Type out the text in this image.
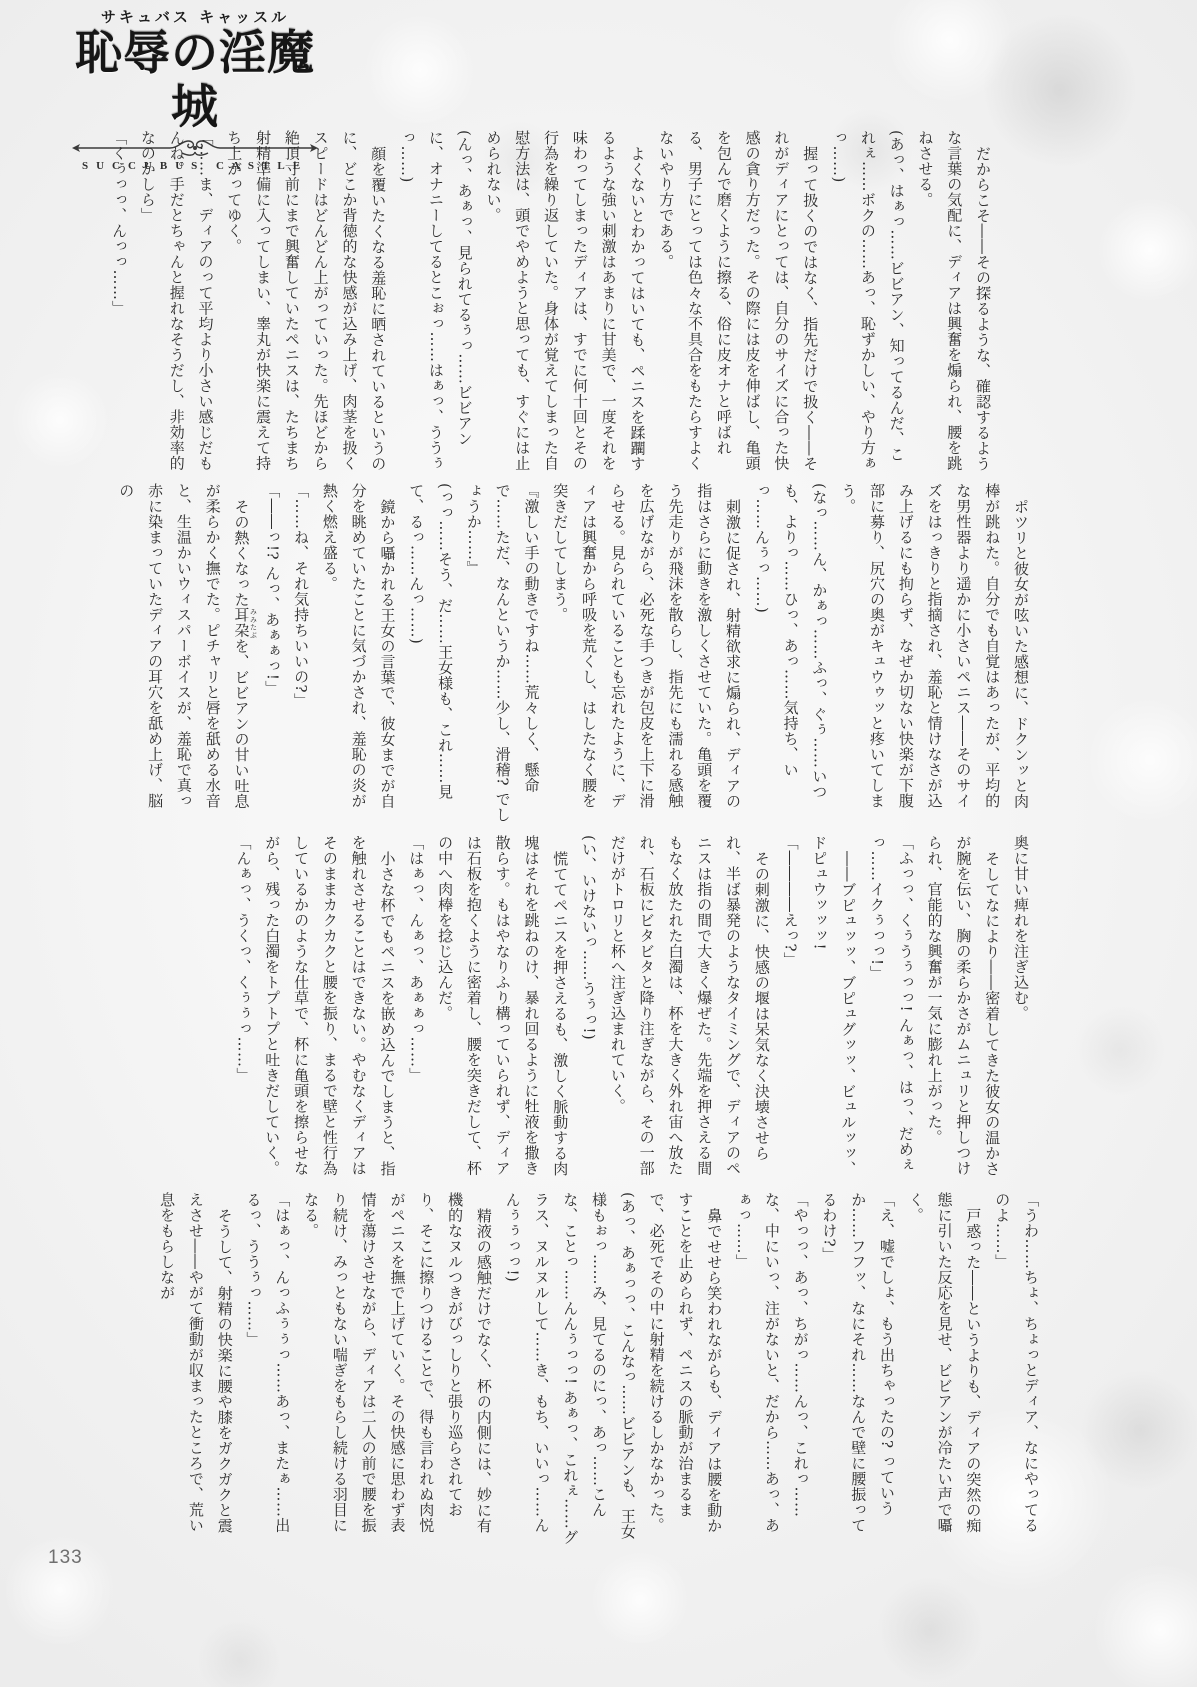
サキュバス キャッスル
恥辱の淫魔城
SUCCUBUS CASTLE	だからこそ――その探るような、確認するような言葉の気配に、ディアは興奮を煽られ、腰を跳ねさせる。

(あっ、はぁっ……ビビアン、知ってるんだ、これぇ……ボクの……あっ、恥ずかしい、やり方ぁっ……)

握って扱くのではなく、指先だけで扱く――それがディアにとっては、自分のサイズに合った快感の貪り方だった。その際には皮を伸ばし、亀頭を包んで磨くように擦る、俗に皮オナと呼ばれる、男子にとっては色々な不具合をもたらすよくないやり方である。

よくないとわかってはいても、ペニスを蹂躙するような強い刺激はあまりに甘美で、一度それを味わってしまったディアは、すでに何十回とその行為を繰り返していた。身体が覚えてしまった自慰方法は、頭でやめようと思っても、すぐには止められない。

(んっ、あぁっ、見られてるぅっ……ビビアンに、オナニーしてるとこぉっ……はぁっ、ううぅっ……)

顔を覆いたくなる羞恥に晒されているというのに、どこか背徳的な快感が込み上げ、肉茎を扱くスピードはどんどん上がっていった。先ほどから絶頂寸前にまで興奮していたペニスは、たちまち射精準備に入ってしまい、睾丸が快楽に震えて持ち上がってゆく。

「……ま、ディアのって平均より小さい感じだもんね。手だとちゃんと握れなそうだし、非効率的なのかしら」

「くぅっっ、んっっ……」

ポツリと彼女が呟いた感想に、ドクンッと肉棒が跳ねた。自分でも自覚はあったが、平均的な男性器より遥かに小さいペニス――そのサイズをはっきりと指摘され、羞恥と情けなさが込み上げるにも拘らず、なぜか切ない快楽が下腹部に募り、尻穴の奥がキュウゥッと疼いてしまう。

(なっ……ん、かぁっ……ふっ、ぐぅ……いつも、よりっ……ひっ、あっ……気持ち、いっ……んぅっ……)

刺激に促され、射精欲求に煽られ、ディアの指はさらに動きを激しくさせていた。亀頭を覆う先走りが飛沫を散らし、指先にも濡れる感触を広げながら、必死な手つきが包皮を上下に滑らせる。見られていることも忘れたように、ディアは興奮から呼吸を荒くし、はしたなく腰を突きだしてしまう。

『激しい手の動きですね……荒々しく、懸命で……ただ、なんというか……少し、滑稽? でしょうか……』

(っっ……そう、だ……王女様も、これ……見て、るっ……んっ……)

鏡から囁かれる王女の言葉で、彼女までが自分を眺めていたことに気づかされ、羞恥の炎が熱く燃え盛る。

「……ね、それ気持ちいいの?」

「――っ!? んっ、あぁぁっ!」

その熱くなった耳朶 みみたぶを、ビビアンの甘い吐息が柔らかく撫でた。ピチャリと唇を舐める水音と、生温かいウィスパーボイスが、羞恥で真っ赤に染まっていたディアの耳穴を舐め上げ、脳の

奥に甘い痺れを注ぎ込む。

そしてなにより――密着してきた彼女の温かさが腕を伝い、胸の柔らかさがムニュリと押しつけられ、官能的な興奮が一気に膨れ上がった。

「ふっっ、くぅうぅっっ! んぁっ、はっ、だめぇっ……イクぅっっ!」

――ブピュッッ、ブピュグッッ、ビュルッッ、ドピュウッッッ!

「――――えっ?」

その刺激に、快感の堰は呆気なく決壊させられ、半ば暴発のようなタイミングで、ディアのペニスは指の間で大きく爆ぜた。先端を押さえる間もなく放たれた白濁は、杯を大きく外れ宙へ放たれ、石板にビタビタと降り注ぎながら、その一部だけがトロリと杯へ注ぎ込まれていく。

(い、いけないっ……うぅっ!)

慌ててペニスを押さえるも、激しく脈動する肉塊はそれを跳ねのけ、暴れ回るように牡液を撒き散らす。もはやなりふり構っていられず、ディアは石板を抱くように密着し、腰を突きだして、杯の中へ肉棒を捻じ込んだ。

「はぁっ、んぁっ、あぁぁっ……」

小さな杯でもペニスを嵌め込んでしまうと、指を触れさせることはできない。やむなくディアはそのままカクカクと腰を振り、まるで壁と性行為しているかのような仕草で、杯に亀頭を擦らせながら、残った白濁をトプトプと吐きだしていく。

「んぁっ、うくっ、くぅぅっ……」

「うわ……ちょ、ちょっとディア、なにやってるのよ……」

戸惑った――というよりも、ディアの突然の痴態に引いた反応を見せ、ビビアンが冷たい声で囁く。

「え、嘘でしょ、もう出ちゃったの? っていうか……フフッ、なにそれ……なんで壁に腰振ってるわけ?」

「やっっ、あっ、ちがっ……んっ、これっ……な、中にいっ、注がないと、だから……あっ、あぁっ……」

鼻でせせら笑われながらも、ディアは腰を動かすことを止められず、ペニスの脈動が治まるまで、必死でその中に射精を続けるしかなかった。

(あっ、あぁっっ、こんなっ……ビビアンも、王女様もぉっ……み、見てるのにっ、あっ……こんな、ことっ……んんぅっっ! あぁっ、これぇ……グラス、ヌルヌルして……き、もち、いいっ……んんぅぅっっ!)

精液の感触だけでなく、杯の内側には、妙に有機的なヌルつきがびっしりと張り巡らされており、そこに擦りつけることで、得も言われぬ肉悦がペニスを撫で上げていく。その快感に思わず表情を蕩けさせながら、ディアは二人の前で腰を振り続け、みっともない喘ぎをもらし続ける羽目になる。

「はぁっ、んっふぅぅっ……あっ、またぁ……出るっ、ううぅっ……」

そうして、射精の快楽に腰や膝をガクガクと震えさせ――やがて衝動が収まったところで、荒い息をもらしなが

133
